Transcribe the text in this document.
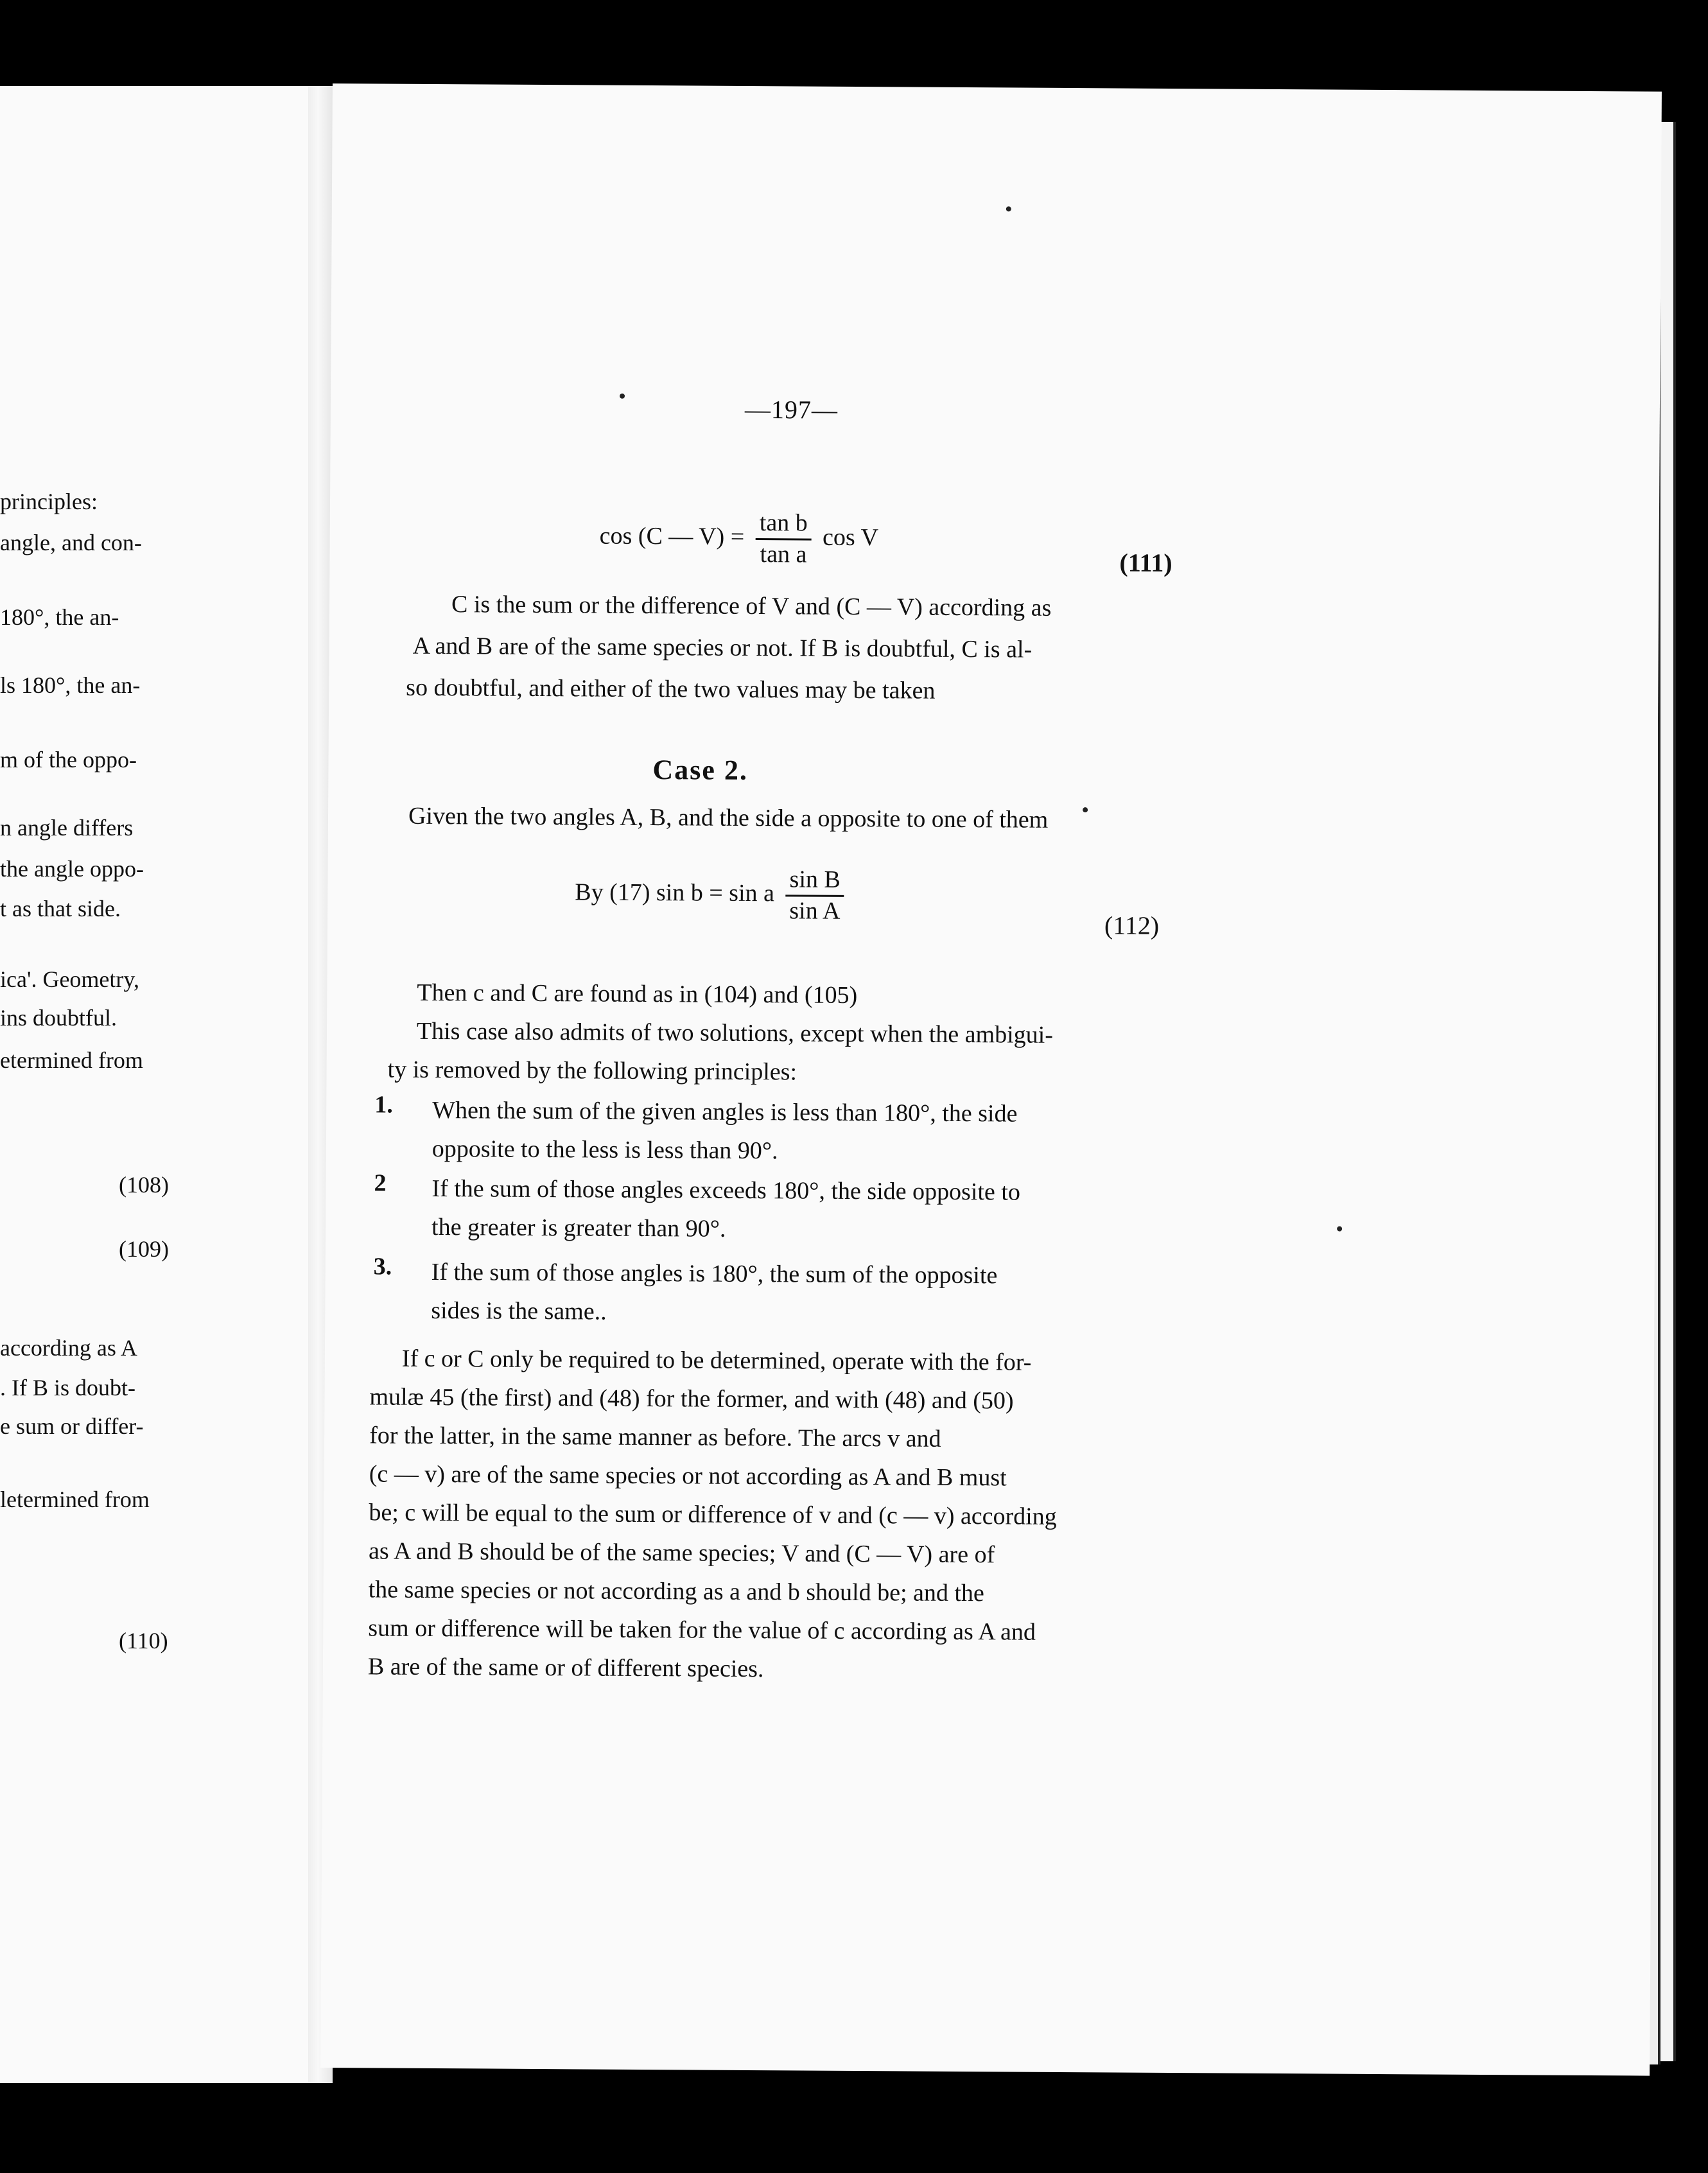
principles:
angle, and con-
180°, the an-
ls 180°, the an-
m of the oppo-
n angle differs
the angle oppo-
t as that side.
ica'. Geometry,
ins doubtful.
etermined from
(108)
(109)
according as A
. If B is doubt-
e sum or differ-
letermined from
(110)
—197—
cos (C — $V) = \frac{\text{tan b}}{\text{tan a}}$ cos V
(111)
C is the sum or the difference of V and (C — V) according as
A and B are of the same species or not. If B is doubtful, C is al-
so doubtful, and either of the two values may be taken
Case 2.
Given the two angles A, B, and the side a opposite to one of them
By (17) sin b = sin a $\frac{\text{sin B}}{\text{sin A}}$
(112)
Then c and C are found as in (104) and (105)
This case also admits of two solutions, except when the ambigui-
ty is removed by the following principles:
1. When the sum of the given angles is less than 180°, the side
opposite to the less is less than 90°.
2 If the sum of those angles exceeds 180°, the side opposite to
the greater is greater than 90°.
3. If the sum of those angles is 180°, the sum of the opposite
sides is the same..
If c or C only be required to be determined, operate with the for-
mulæ 45 (the first) and (48) for the former, and with (48) and (50)
for the latter, in the same manner as before. The arcs v and
(c — v) are of the same species or not according as A and B must
be; c will be equal to the sum or difference of v and (c — v) according
as A and B should be of the same species; V and (C — V) are of
the same species or not according as a and b should be; and the
sum or difference will be taken for the value of c according as A and
B are of the same or of different species.
